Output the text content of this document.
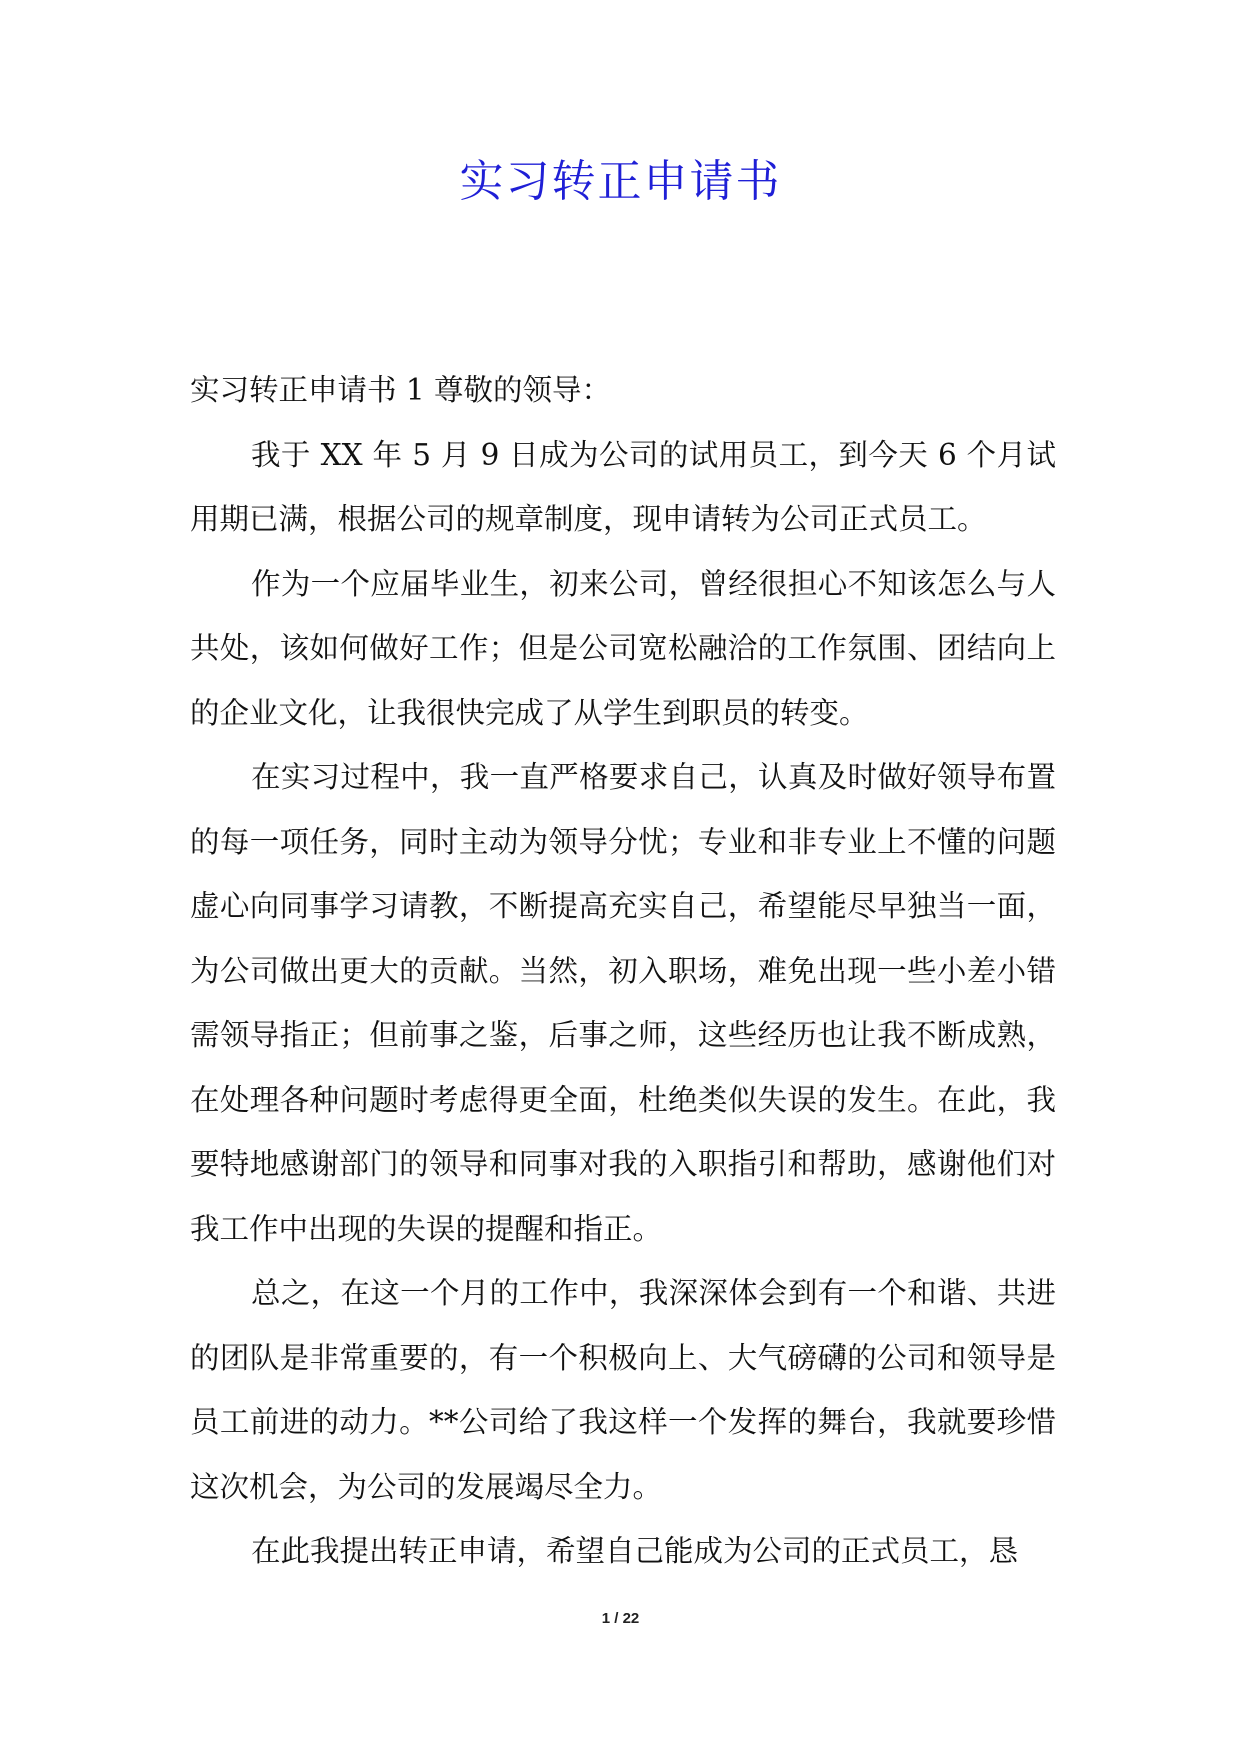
实习转正申请书

实习转正申请书 1 尊敬的领导：

我于 XX 年 5 月 9 日成为公司的试用员工，到今天 6 个月试用期已满，根据公司的规章制度，现申请转为公司正式员工。

作为一个应届毕业生，初来公司，曾经很担心不知该怎么与人共处，该如何做好工作；但是公司宽松融洽的工作氛围、团结向上的企业文化，让我很快完成了从学生到职员的转变。

在实习过程中，我一直严格要求自己，认真及时做好领导布置的每一项任务，同时主动为领导分忧；专业和非专业上不懂的问题虚心向同事学习请教，不断提高充实自己，希望能尽早独当一面，为公司做出更大的贡献。当然，初入职场，难免出现一些小差小错需领导指正；但前事之鉴，后事之师，这些经历也让我不断成熟，在处理各种问题时考虑得更全面，杜绝类似失误的发生。在此，我要特地感谢部门的领导和同事对我的入职指引和帮助，感谢他们对我工作中出现的失误的提醒和指正。

总之，在这一个月的工作中，我深深体会到有一个和谐、共进的团队是非常重要的，有一个积极向上、大气磅礴的公司和领导是员工前进的动力。**公司给了我这样一个发挥的舞台，我就要珍惜这次机会，为公司的发展竭尽全力。

在此我提出转正申请，希望自己能成为公司的正式员工，恳

1 / 22
